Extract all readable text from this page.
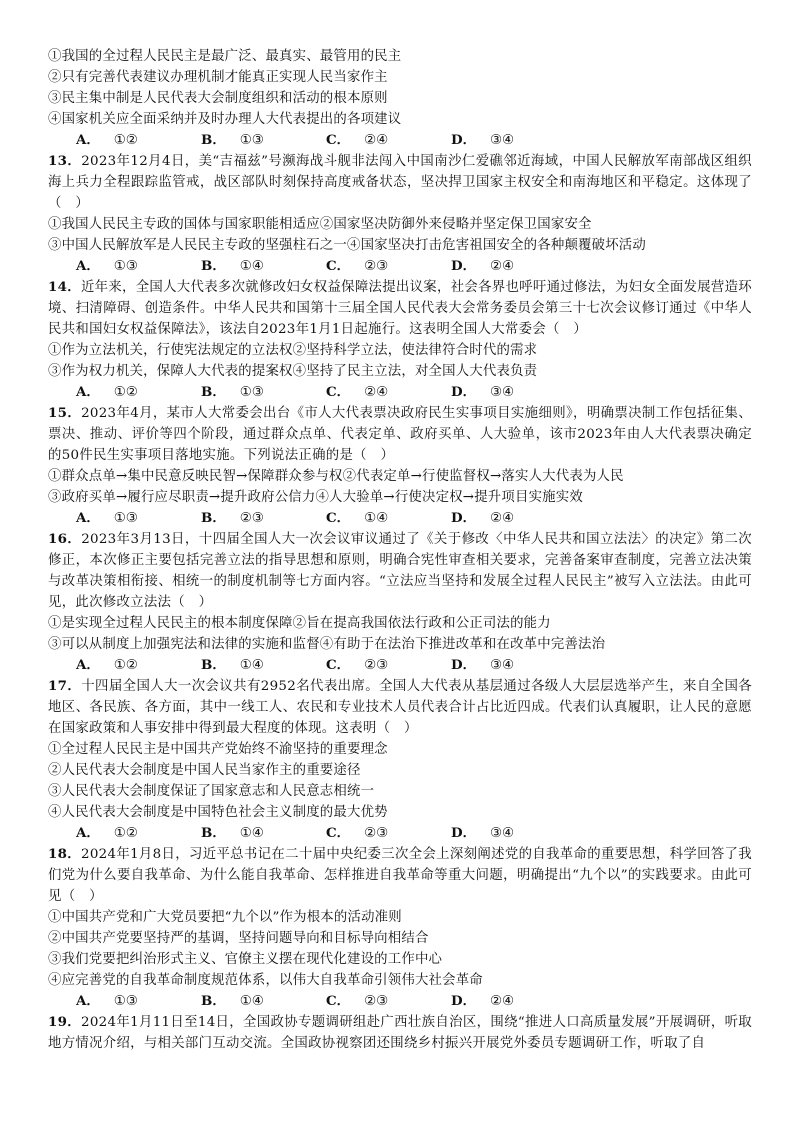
①我国的全过程人民民主是最广泛、最真实、最管用的民主
②只有完善代表建议办理机制才能真正实现人民当家作主
③民主集中制是人民代表大会制度组织和活动的根本原则
④国家机关应全面采纳并及时办理人大代表提出的各项建议
A． ①②	B． ①③	C． ②④	D． ③④
13．2023年12月4日，美“吉福兹”号濒海战斗舰非法闯入中国南沙仁爱礁邻近海域，中国人民解放军南部战区组织海上兵力全程跟踪监管戒，战区部队时刻保持高度戒备状态，坚决捍卫国家主权安全和南海地区和平稳定。这体现了（　）
①我国人民民主专政的国体与国家职能相适应②国家坚决防御外来侵略并坚定保卫国家安全
③中国人民解放军是人民民主专政的坚强柱石之一④国家坚决打击危害祖国安全的各种颠覆破坏活动
A． ①③	B． ①④	C． ②③	D． ②④
14．近年来，全国人大代表多次就修改妇女权益保障法提出议案，社会各界也呼吁通过修法，为妇女全面发展营造环境、扫清障碍、创造条件。中华人民共和国第十三届全国人民代表大会常务委员会第三十七次会议修订通过《中华人民共和国妇女权益保障法》，该法自2023年1月1日起施行。这表明全国人大常委会（　）
①作为立法机关，行使宪法规定的立法权②坚持科学立法，使法律符合时代的需求
③作为权力机关，保障人大代表的提案权④坚持了民主立法，对全国人大代表负责
A． ①②	B． ①③	C． ②④	D． ③④
15．2023年4月，某市人大常委会出台《市人大代表票决政府民生实事项目实施细则》，明确票决制工作包括征集、票决、推动、评价等四个阶段，通过群众点单、代表定单、政府买单、人大验单，该市2023年由人大代表票决确定的50件民生实事项目落地实施。下列说法正确的是（　）
①群众点单→集中民意反映民智→保障群众参与权②代表定单→行使监督权→落实人大代表为人民
③政府买单→履行应尽职责→提升政府公信力④人大验单→行使决定权→提升项目实施实效
A． ①③	B． ②③	C． ①④	D． ②④
16．2023年3月13日，十四届全国人大一次会议审议通过了《关于修改〈中华人民共和国立法法〉的决定》第二次修正，本次修正主要包括完善立法的指导思想和原则，明确合宪性审查相关要求，完善备案审查制度，完善立法决策与改革决策相衔接、相统一的制度机制等七方面内容。“立法应当坚持和发展全过程人民民主”被写入立法法。由此可见，此次修改立法法（　）
①是实现全过程人民民主的根本制度保障②旨在提高我国依法行政和公正司法的能力
③可以从制度上加强宪法和法律的实施和监督④有助于在法治下推进改革和在改革中完善法治
A． ①②	B． ①④	C． ②③	D． ③④
17．十四届全国人大一次会议共有2952名代表出席。全国人大代表从基层通过各级人大层层选举产生，来自全国各地区、各民族、各方面，其中一线工人、农民和专业技术人员代表合计占比近四成。代表们认真履职，让人民的意愿在国家政策和人事安排中得到最大程度的体现。这表明（　）
①全过程人民民主是中国共产党始终不渝坚持的重要理念
②人民代表大会制度是中国人民当家作主的重要途径
③人民代表大会制度保证了国家意志和人民意志相统一
④人民代表大会制度是中国特色社会主义制度的最大优势
A． ①②	B． ①④	C． ②③	D． ③④
18．2024年1月8日，习近平总书记在二十届中央纪委三次全会上深刻阐述党的自我革命的重要思想，科学回答了我们党为什么要自我革命、为什么能自我革命、怎样推进自我革命等重大问题，明确提出“九个以”的实践要求。由此可见（　）
①中国共产党和广大党员要把“九个以”作为根本的活动准则
②中国共产党要坚持严的基调，坚持问题导向和目标导向相结合
③我们党要把纠治形式主义、官僚主义摆在现代化建设的工作中心
④应完善党的自我革命制度规范体系，以伟大自我革命引领伟大社会革命
A． ①③	B． ①④	C． ②③	D． ②④
19．2024年1月11日至14日，全国政协专题调研组赴广西壮族自治区，围绕“推进人口高质量发展”开展调研，听取地方情况介绍，与相关部门互动交流。全国政协视察团还围绕乡村振兴开展党外委员专题调研工作，听取了自
